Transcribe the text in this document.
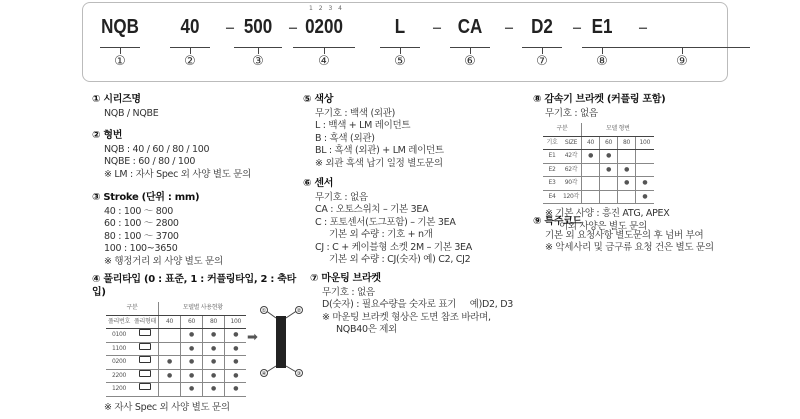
1 2 3 4
NQB
①
40
②
500
③
0200
④
L
⑤
CA
⑥
D2
⑦
E1
⑧	⑨
–	–	–	–	–	–
① 시리즈명
NQB / NQBE
② 형번
NQB : 40 / 60 / 80 / 100
NQBE : 60 / 80 / 100
※ LM : 자사 Spec 외 사양 별도 문의
③ Stroke (단위 : mm)
40 : 100 ～ 800
60 : 100 ～ 2800
80 : 100 ～ 3700
100 : 100~3650
※ 행정거리 외 사양 별도 문의
④ 풀리타입 (0 : 표준, 1 : 커플링타입, 2 : 축타입)
구분		모델별 사용현황			
풀리번호	풀리형태	40	60	80	100
0100			●	●	●
1100			●	●	●
0200		●	●	●	●
2200		●	●	●	●
1200			●	●	●
※ 자사 Spec 외 사양 별도 문의
➡
①	②
③
④
⑤ 색상
무기호 : 백색 (외관)
L : 백색 + LM 레이던트
B : 흑색 (외관)
BL : 흑색 (외관) + LM 레이던트
※ 외관 흑색 납기 일정 별도문의
⑥ 센서
무기호 : 없음
CA : 오토스위치 – 기본 3EA
C : 포토센서(도그포함) – 기본 3EA
기본 외 수량 : 기호 + n개
CJ : C + 케이블형 소켓 2M – 기본 3EA
기본 외 수량 : CJ(숫자) 예) C2, CJ2
⑦ 마운팅 브라켓
무기호 : 없음
D(숫자) : 필요수량을 숫자로 표기     예)D2, D3
※ 마운팅 브라켓 형상은 도면 참조 바라며,
NQB40은 제외
⑧ 감속기 브라켓 (커플링 포함)
무기호 : 없음
구분		모델 형번			
기호	SIZE	40	60	80	100
E1	42각	●	●		
E2	62각		●	●	
E3	90각			●	●
E4	120각				●
※ 기본 사양 : 흥진 ATG, APEX
이외 사양은 별도 문의
⑨ 특주코드
기본 외 요청사항 별도문의 후 넘버 부여
※ 악세사리 및 금구류 요청 건은 별도 문의
